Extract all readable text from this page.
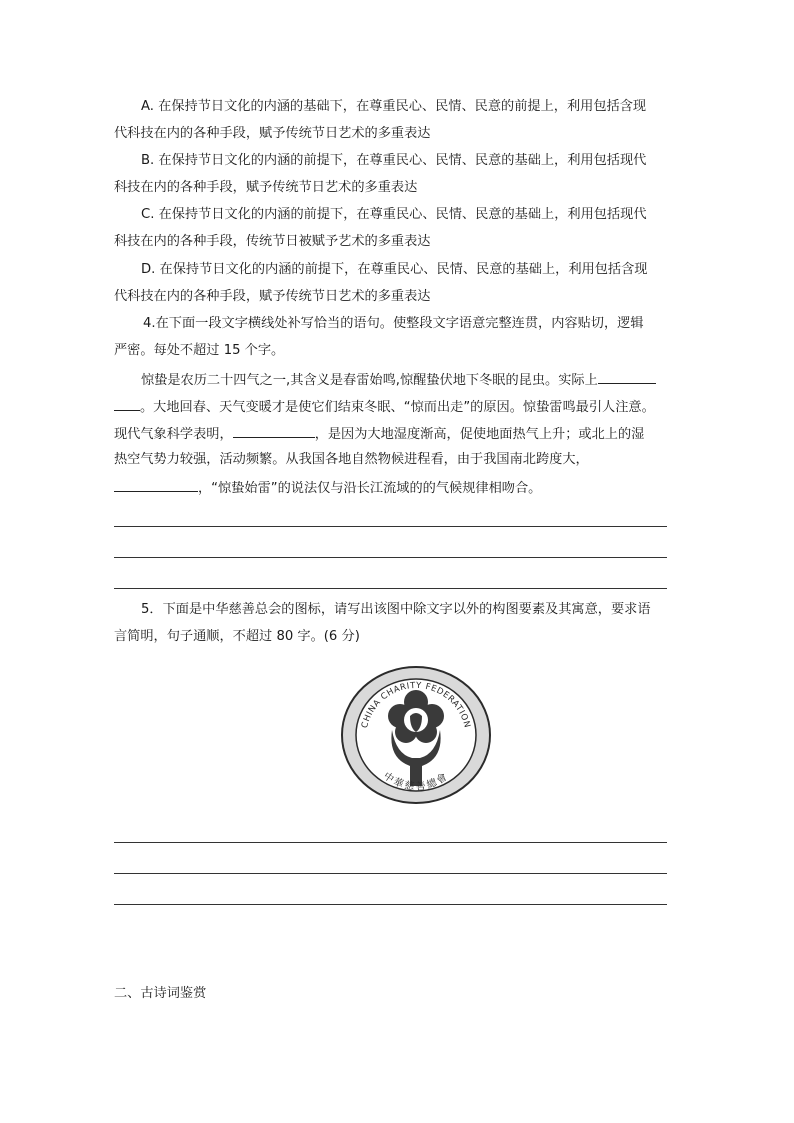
A. 在保持节日文化的内涵的基础下，在尊重民心、民情、民意的前提上，利用包括含现
代科技在内的各种手段，赋予传统节日艺术的多重表达
B. 在保持节日文化的内涵的前提下，在尊重民心、民情、民意的基础上，利用包括现代
科技在内的各种手段，赋予传统节日艺术的多重表达
C. 在保持节日文化的内涵的前提下，在尊重民心、民情、民意的基础上，利用包括现代
科技在内的各种手段，传统节日被赋予艺术的多重表达
D. 在保持节日文化的内涵的前提下，在尊重民心、民情、民意的基础上，利用包括含现
代科技在内的各种手段，赋予传统节日艺术的多重表达
4.在下面一段文字横线处补写恰当的语句。使整段文字语意完整连贯，内容贴切，逻辑
严密。每处不超过 15 个字。
惊蛰是农历二十四气之一,其含义是春雷始鸣,惊醒蛰伏地下冬眠的昆虫。实际上
。大地回春、天气变暖才是使它们结束冬眠、“惊而出走”的原因。惊蛰雷鸣最引人注意。
现代气象科学表明，	，是因为大地湿度渐高，促使地面热气上升；或北上的湿
热空气势力较强，活动频繁。从我国各地自然物候进程看，由于我国南北跨度大，
，“惊蛰始雷”的说法仅与沿长江流域的的气候规律相吻合。
5．下面是中华慈善总会的图标，请写出该图中除文字以外的构图要素及其寓意，要求语
言简明，句子通顺，不超过 80 字。(6 分)
CHINA CHARITY FEDERATION
中華慈善總會
二、古诗词鉴赏
